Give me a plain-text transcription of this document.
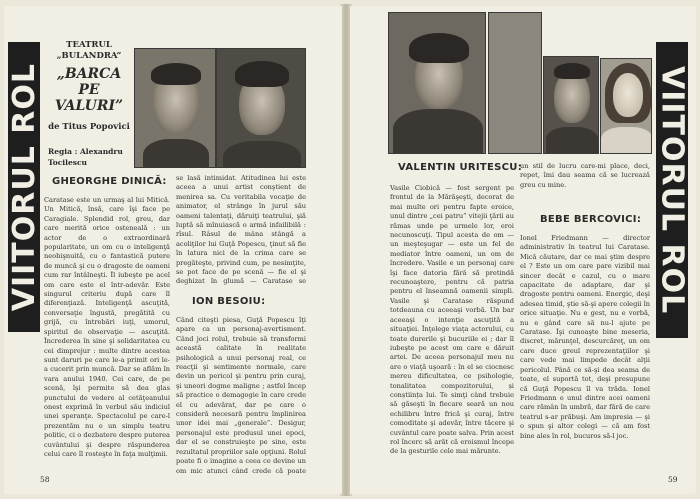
VIITORUL ROL
TEATRUL „BULANDRA”
„BARCA PE VALURI”
de Titus Popovici
Regia : Alexandru Tocilescu
GHEORGHE DINICĂ:
Caratase este un urmaş al lui Mitică. Un Mitică, însă, care îşi face pe Caragiale. Splendid rol, greu, dar care merită orice osteneală : un actor de o extraordinară popularitate, un om cu o inteligenţă neobişnuită, cu o fantastică putere de muncă şi cu o dragoste de oameni cum rar întâlneşti. Îl iubeşte pe acel om care este el într-adevăr. Este singurul criteriu după care îl diferenţiază. Inteligenţă ascuţită, conversaţie îngustă, pregătită cu grijă, cu întrebări iuţi, umorul, spiritul de observaţie — ascuţită. Încrederea în sine şi solidaritatea cu cei dimprejur : multe dintre acestea sunt daruri pe care le-a primit ori le-a cucerit prin muncă. Dar se aflăm în vara anului 1940. Cei care, de pe scenă, îşi permite să dea glas punctului de vedere al cetăţeanului onest exprimă în verbul său indiciul unei speranţe. Spectacolul pe care-l prezentăm nu e un simplu teatru politic, ci o dezbatere despre puterea cuvântului şi despre răspunderea celui care îl rosteşte în faţa mulţimii.
se lasă intimidat. Atitudinea lui este aceea a unui artist conştient de menirea sa. Cu veritabila vocaţie de animator, el strânge în jurul său oameni talentaţi, dăruiţi teatrului, şiă luptă să mînuiască o armă infailibilă : rîsul. Râsul de mâna stângă a acoliţilor lui Guţă Popescu, ţinut să fie în latura nici de la crima care se pregăteşte, privind cum, pe nesimţite, se pot face de pe scenă — fie el şi deghizat în glumă — Caratase se
ION BESOIU:
Când citeşti piesa, Guţă Popescu îţi apare ca un personaj-avertisment. Când joci rolul, trebuie să transformi această calitate în realitate psihologică a unui personaj real, ce reacţii şi sentimente normale, care devin un pericol şi pentru prin curaj, şi uneori dogme maligne ; astfel încep să practice o demagogie în care crede el cu adevărat, dar pe care o consideră necesară pentru împlinirea unor idei mai „generale”. Desigur, personajul este produsul unei epoci, dar el se construieşte pe sine, este rezultatul propriilor sale opţiuni. Rolul poate fi o imagine a ceea ce devine un om mic atunci când crede că poate
58
VALENTIN URITESCU:
Vasile Ciobică — fost sergent pe frontul de la Mărăşeşti, decorat de mai multe ori pentru fapte eroice, unul dintre „cei patru” vitejii ţării au rămas unde pe urmele lor, eroi necunoscuţi. Tipul acesta de om — un meşteşugar — este un fel de mediator între oameni, un om de încredere. Vasile e un personaj care îşi face datoria fără să pretindă recunoaştere, pentru că patria pentru el înseamnă oamenii simpli. Vasile şi Caratase răspund totdeauna cu aceeaşi vorbă. Un bar aceeaşi o intenţie ascuţită a situaţiei. Înţelege viaţa actorului, cu toate durerile şi bucuriile ei ; dar îl iubeşte pe acest om care e dăruit artei. De aceea personajul meu nu are o viaţă uşoară : în el se ciocnesc mereu dificultatea, ce psihologie, tonalitatea compozitorului, și conștiința lui. Te simţi când trebuie să găseşti în fiecare seară un nou echilibru între frică şi curaj, între comoditate şi adevăr, între tăcere şi cuvântul care poate salva. Prin acest rol încerc să arăt că eroismul începe de la gesturile cele mai mărunte.
un stil de lucru care-mi place, deci, repet, îmi dau seama că se lucrează greu cu mine.
BEBE BERCOVICI:
Ionel Friedmann — director administrativ în teatrul lui Caratase. Mică căutare, dar ce mai ştim despre el ? Este un om care pare vizibil mai sincer decât e cazul, cu o mare capacitate de adaptare, dar şi dragoste pentru oameni. Energic, deşi adesea timid, ştie să-şi apere colegii în orice situaţie. Nu e gest, nu e vorbă, nu e gând care să nu-l ajute pe Caratase. Îşi cunoaşte bine meseria, discret, mărunţel, descurcăreţ, un om care duce greul reprezentaţiilor şi care vede mai limpede decât alţii pericolul. Până ce să-şi dea seama de toate, el suportă tot, deşi presupune că Guţă Popescu îl va trăda. Ionel Friedmann e unul dintre acei oameni care rămân în umbră, dar fără de care teatrul s-ar prăbuşi. Am impresia — şi o spun şi altor colegi — că am fost bine ales în rol, bucuros să-l joc.
VIITORUL ROL
59
